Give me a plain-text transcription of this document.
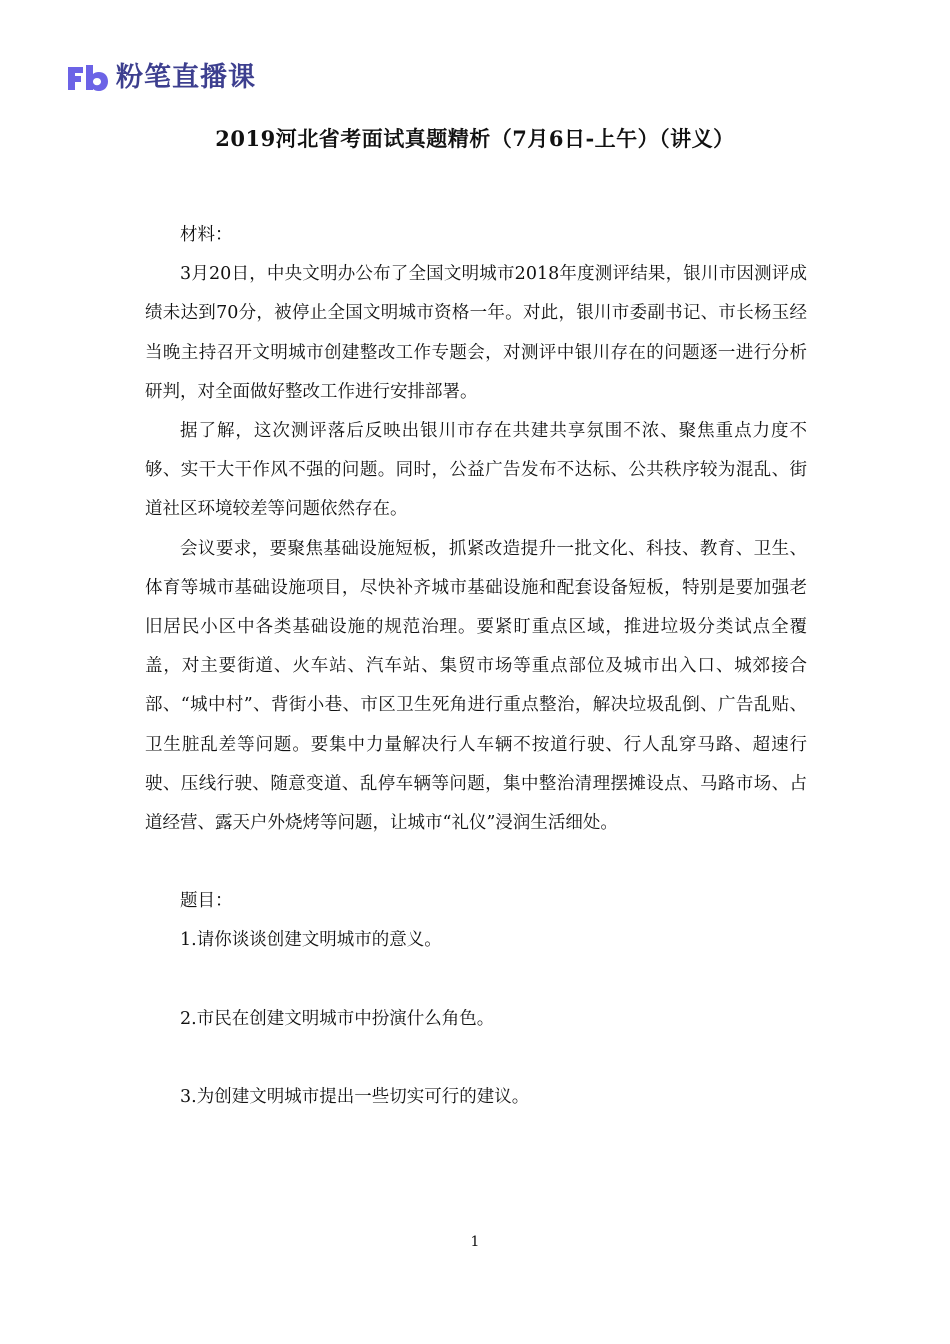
粉笔直播课
2019河北省考面试真题精析（7月6日-上午）（讲义）

材料：

3月20日，中央文明办公布了全国文明城市2018年度测评结果，银川市因测评成绩未达到70分，被停止全国文明城市资格一年。对此，银川市委副书记、市长杨玉经当晚主持召开文明城市创建整改工作专题会，对测评中银川存在的问题逐一进行分析研判，对全面做好整改工作进行安排部署。

据了解，这次测评落后反映出银川市存在共建共享氛围不浓、聚焦重点力度不够、实干大干作风不强的问题。同时，公益广告发布不达标、公共秩序较为混乱、街道社区环境较差等问题依然存在。

会议要求，要聚焦基础设施短板，抓紧改造提升一批文化、科技、教育、卫生、体育等城市基础设施项目，尽快补齐城市基础设施和配套设备短板，特别是要加强老旧居民小区中各类基础设施的规范治理。要紧盯重点区域，推进垃圾分类试点全覆盖，对主要街道、火车站、汽车站、集贸市场等重点部位及城市出入口、城郊接合部、“城中村”、背街小巷、市区卫生死角进行重点整治，解决垃圾乱倒、广告乱贴、卫生脏乱差等问题。要集中力量解决行人车辆不按道行驶、行人乱穿马路、超速行驶、压线行驶、随意变道、乱停车辆等问题，集中整治清理摆摊设点、马路市场、占道经营、露天户外烧烤等问题，让城市“礼仪”浸润生活细处。

题目：

1.请你谈谈创建文明城市的意义。

2.市民在创建文明城市中扮演什么角色。

3.为创建文明城市提出一些切实可行的建议。

1
